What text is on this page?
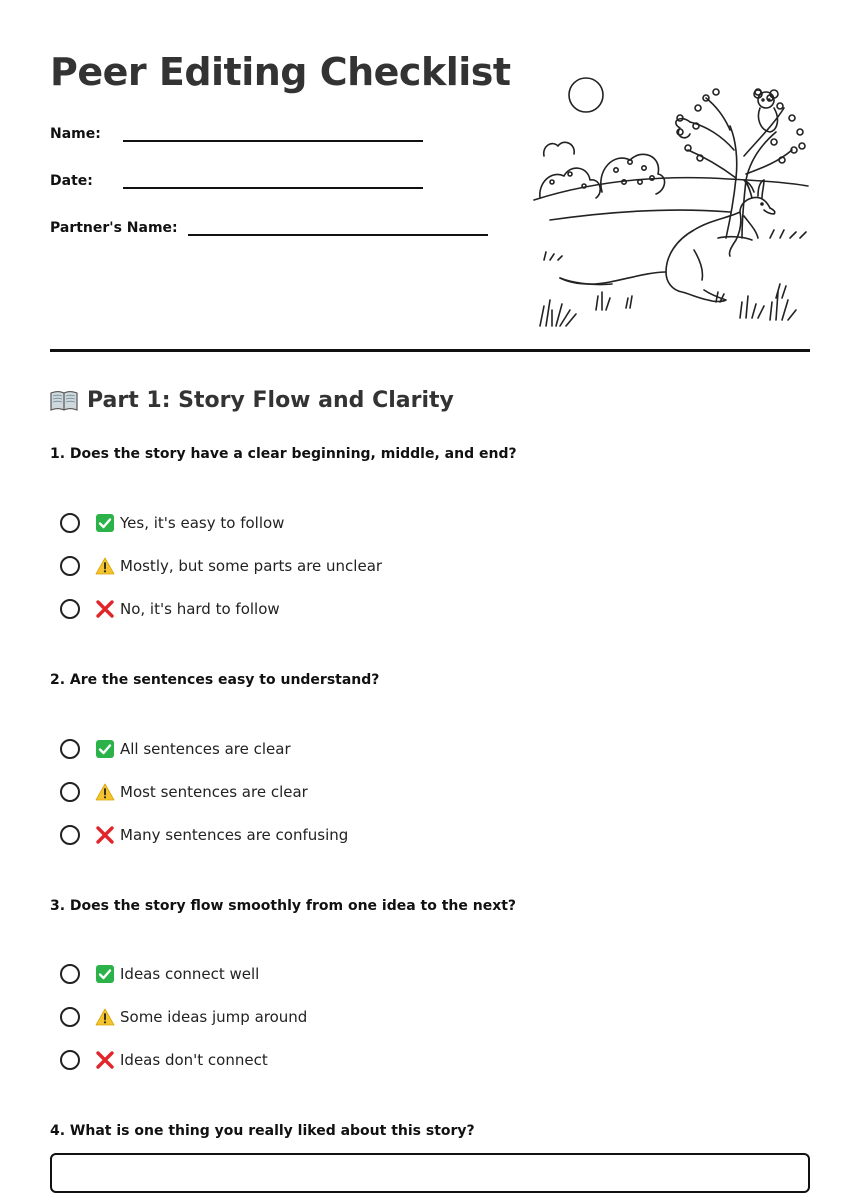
Peer Editing Checklist
Name:
Date:
Partner's Name:
Part 1: Story Flow and Clarity

1. Does the story have a clear beginning, middle, and end?

Yes, it's easy to follow
Mostly, but some parts are unclear
No, it's hard to follow

2. Are the sentences easy to understand?

All sentences are clear
Most sentences are clear
Many sentences are confusing

3. Does the story flow smoothly from one idea to the next?

Ideas connect well
Some ideas jump around
Ideas don't connect

4. What is one thing you really liked about this story?
